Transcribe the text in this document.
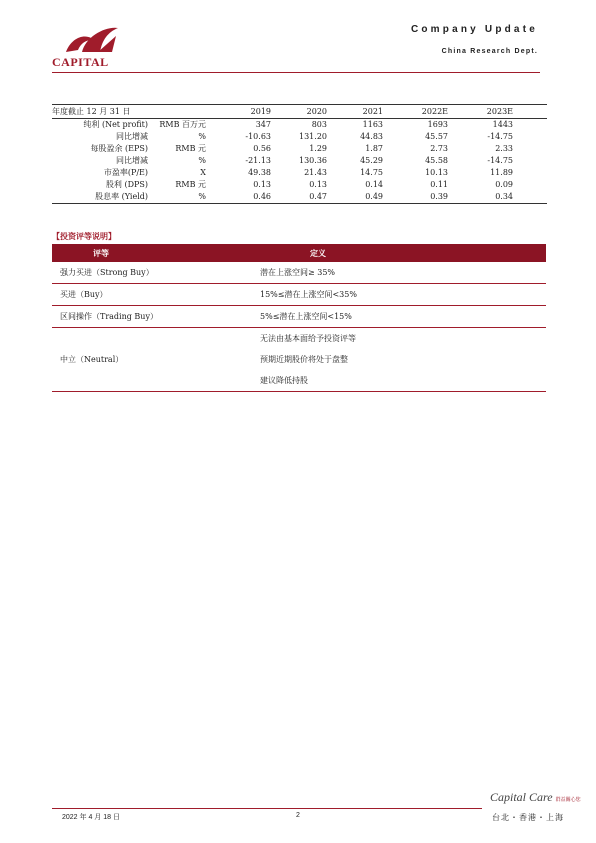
CAPITAL
Company Update
China Research Dept.
年度截止 12 月 31 日	2019	2020	2021	2022E	2023E
纯利 (Net profit)	RMB 百万元	347	803	1163	1693	1443
同比增减	%	-10.63	131.20	44.83	45.57	-14.75
每股盈余 (EPS)	RMB 元	0.56	1.29	1.87	2.73	2.33
同比增减	%	-21.13	130.36	45.29	45.58	-14.75
市盈率(P/E)	X	49.38	21.43	14.75	10.13	11.89
股利 (DPS)	RMB 元	0.13	0.13	0.14	0.11	0.09
股息率 (Yield)	%	0.46	0.47	0.49	0.39	0.34
【投资评等说明】
评等	定义
强力买进（Strong Buy）	潜在上涨空间≥ 35%
买进（Buy）	15%≤潜在上涨空间<35%
区间操作（Trading Buy）	5%≤潜在上涨空间<15%
中立（Neutral）
无法由基本面给予投资评等
预期近期股价将处于盘整
建议降低持股
2022 年 4 月 18 日	2
Capital Care 群益關心您
台北・香港・上海
